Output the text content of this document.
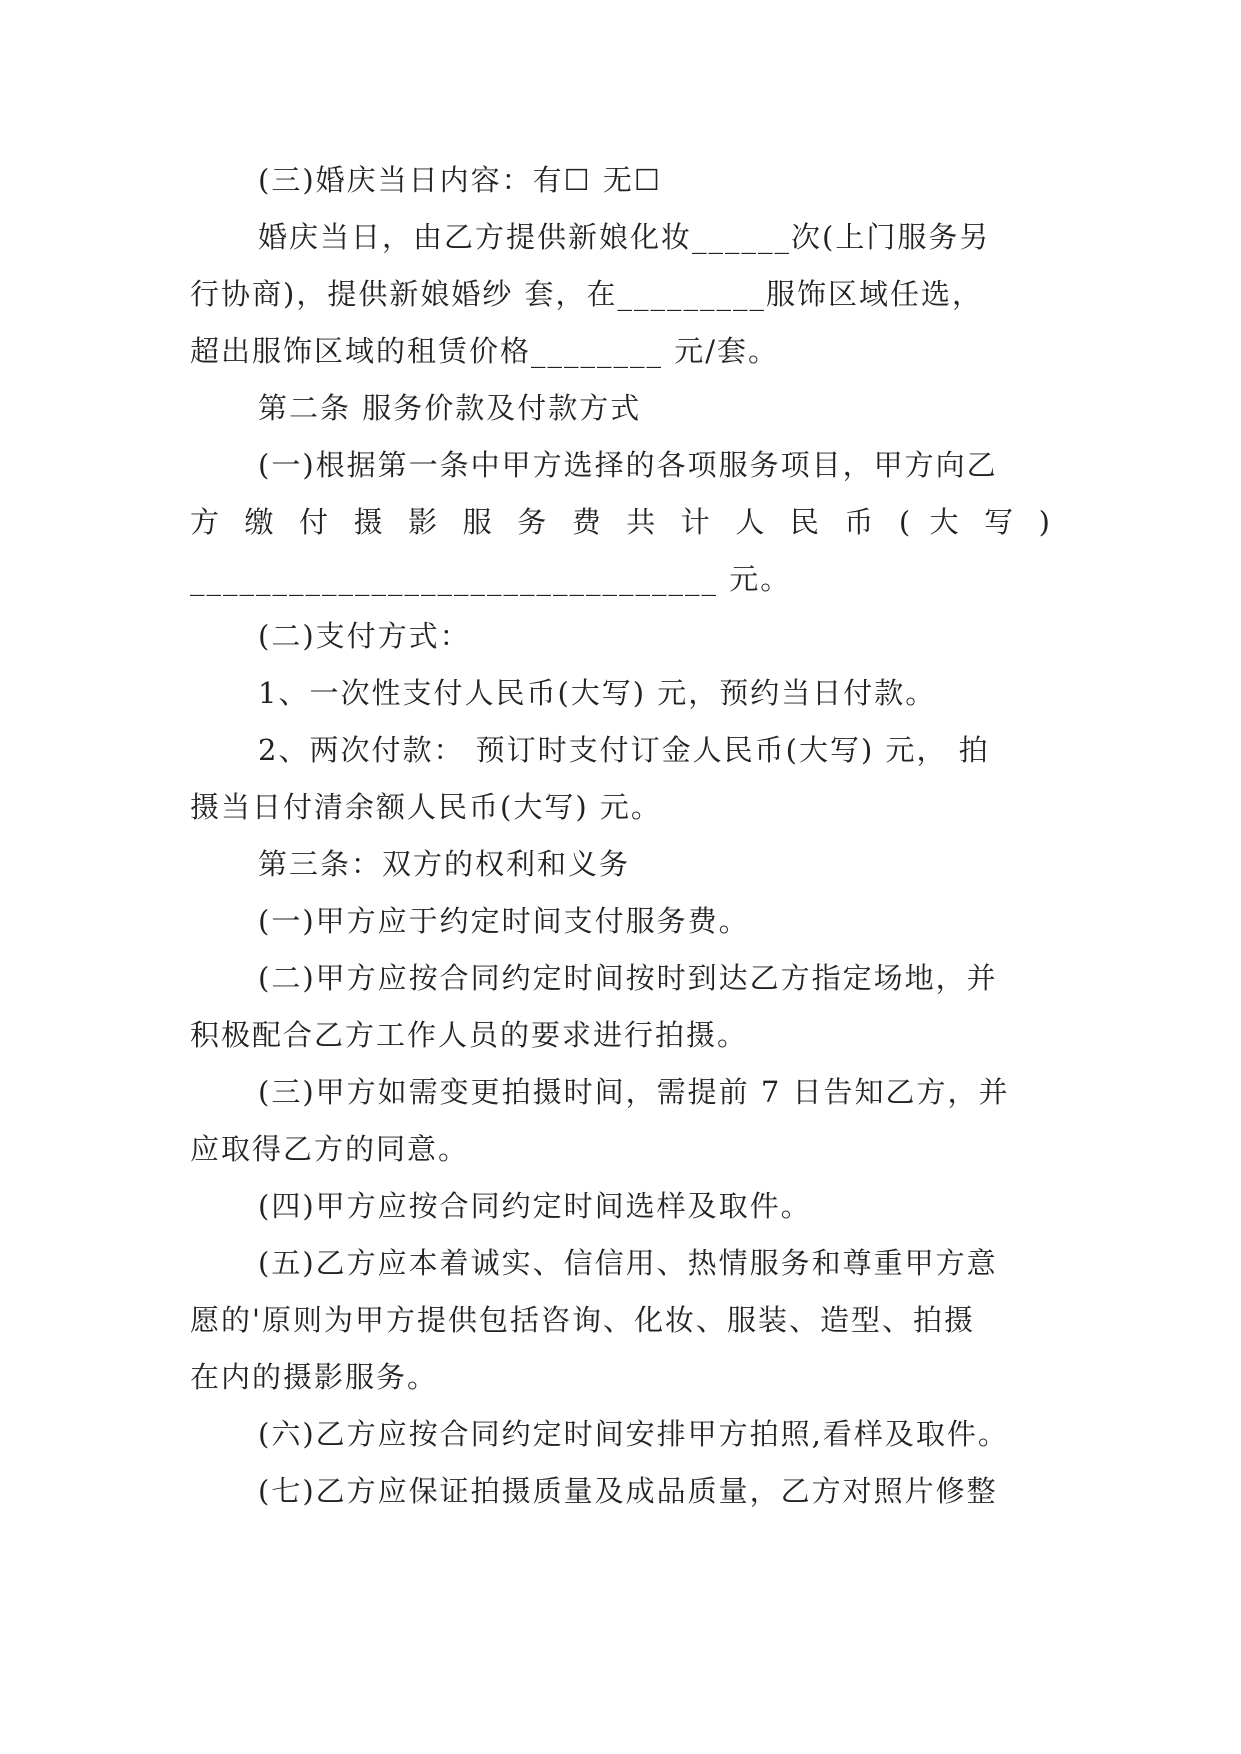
(三)婚庆当日内容：有☐ 无☐
婚庆当日，由乙方提供新娘化妆______次(上门服务另
行协商)，提供新娘婚纱 套，在_________服饰区域任选，
超出服饰区域的租赁价格________ 元/套。
第二条 服务价款及付款方式
(一)根据第一条中甲方选择的各项服务项目，甲方向乙
方 缴 付 摄 影 服 务 费 共 计 人 民 币 ( 大 写 )
________________________________ 元。
(二)支付方式：
1、一次性支付人民币(大写) 元，预约当日付款。
2、两次付款： 预订时支付订金人民币(大写) 元， 拍
摄当日付清余额人民币(大写) 元。
第三条：双方的权利和义务
(一)甲方应于约定时间支付服务费。
(二)甲方应按合同约定时间按时到达乙方指定场地，并
积极配合乙方工作人员的要求进行拍摄。
(三)甲方如需变更拍摄时间，需提前 7 日告知乙方，并
应取得乙方的同意。
(四)甲方应按合同约定时间选样及取件。
(五)乙方应本着诚实、信信用、热情服务和尊重甲方意
愿的'原则为甲方提供包括咨询、化妆、服装、造型、拍摄
在内的摄影服务。
(六)乙方应按合同约定时间安排甲方拍照,看样及取件。
(七)乙方应保证拍摄质量及成品质量，乙方对照片修整
